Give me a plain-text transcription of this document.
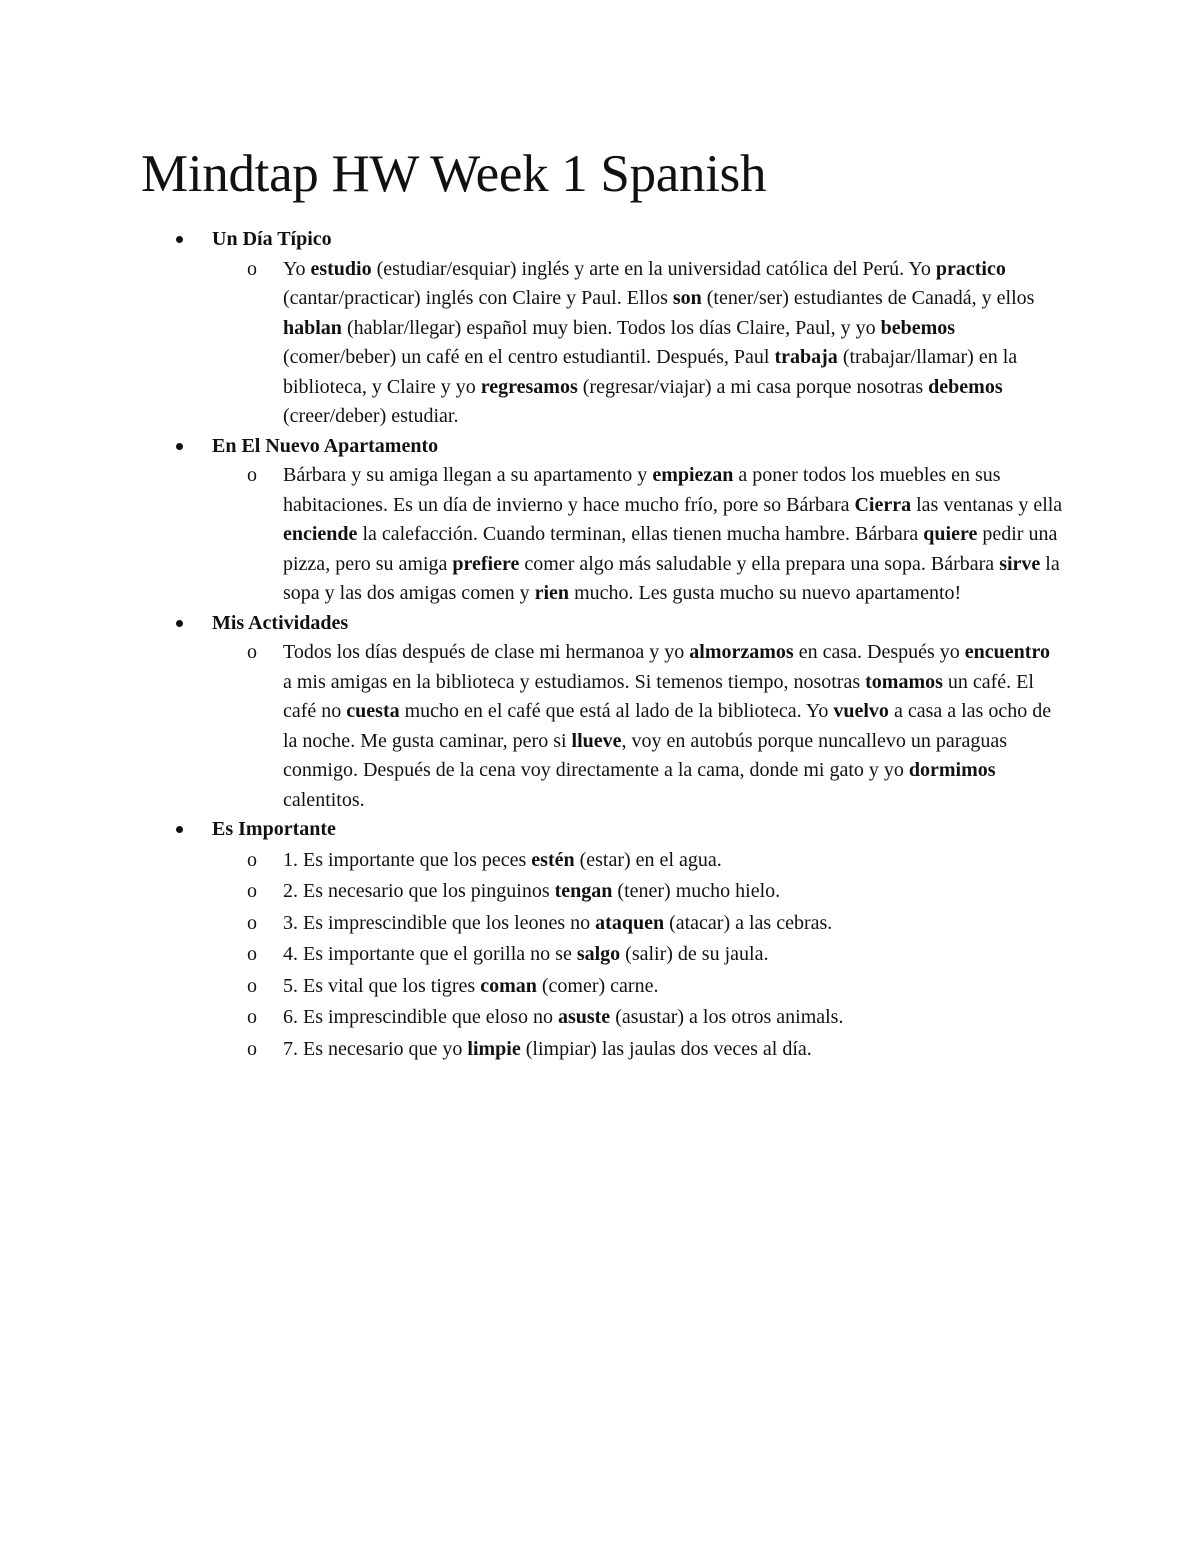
Mindtap HW Week 1 Spanish
Un Día Típico
o Yo estudio (estudiar/esquiar) inglés y arte en la universidad católica del Perú. Yo practico (cantar/practicar) inglés con Claire y Paul. Ellos son (tener/ser) estudiantes de Canadá, y ellos hablan (hablar/llegar) español muy bien. Todos los días Claire, Paul, y yo bebemos (comer/beber) un café en el centro estudiantil. Después, Paul trabaja (trabajar/llamar) en la biblioteca, y Claire y yo regresamos (regresar/viajar) a mi casa porque nosotras debemos (creer/deber) estudiar.
En El Nuevo Apartamento
o Bárbara y su amiga llegan a su apartamento y empiezan a poner todos los muebles en sus habitaciones. Es un día de invierno y hace mucho frío, pore so Bárbara Cierra las ventanas y ella enciende la calefacción. Cuando terminan, ellas tienen mucha hambre. Bárbara quiere pedir una pizza, pero su amiga prefiere comer algo más saludable y ella prepara una sopa. Bárbara sirve la sopa y las dos amigas comen y rien mucho. Les gusta mucho su nuevo apartamento!
Mis Actividades
o Todos los días después de clase mi hermanoa y yo almorzamos en casa. Después yo encuentro a mis amigas en la biblioteca y estudiamos. Si temenos tiempo, nosotras tomamos un café. El café no cuesta mucho en el café que está al lado de la biblioteca. Yo vuelvo a casa a las ocho de la noche. Me gusta caminar, pero si llueve, voy en autobús porque nuncallevo un paraguas conmigo. Después de la cena voy directamente a la cama, donde mi gato y yo dormimos calentitos.
Es Importante
o 1. Es importante que los peces estén (estar) en el agua.
o 2. Es necesario que los pinguinos tengan (tener) mucho hielo.
o 3. Es imprescindible que los leones no ataquen (atacar) a las cebras.
o 4. Es importante que el gorilla no se salgo (salir) de su jaula.
o 5. Es vital que los tigres coman (comer) carne.
o 6. Es imprescindible que eloso no asuste (asustar) a los otros animals.
o 7. Es necesario que yo limpie (limpiar) las jaulas dos veces al día.
